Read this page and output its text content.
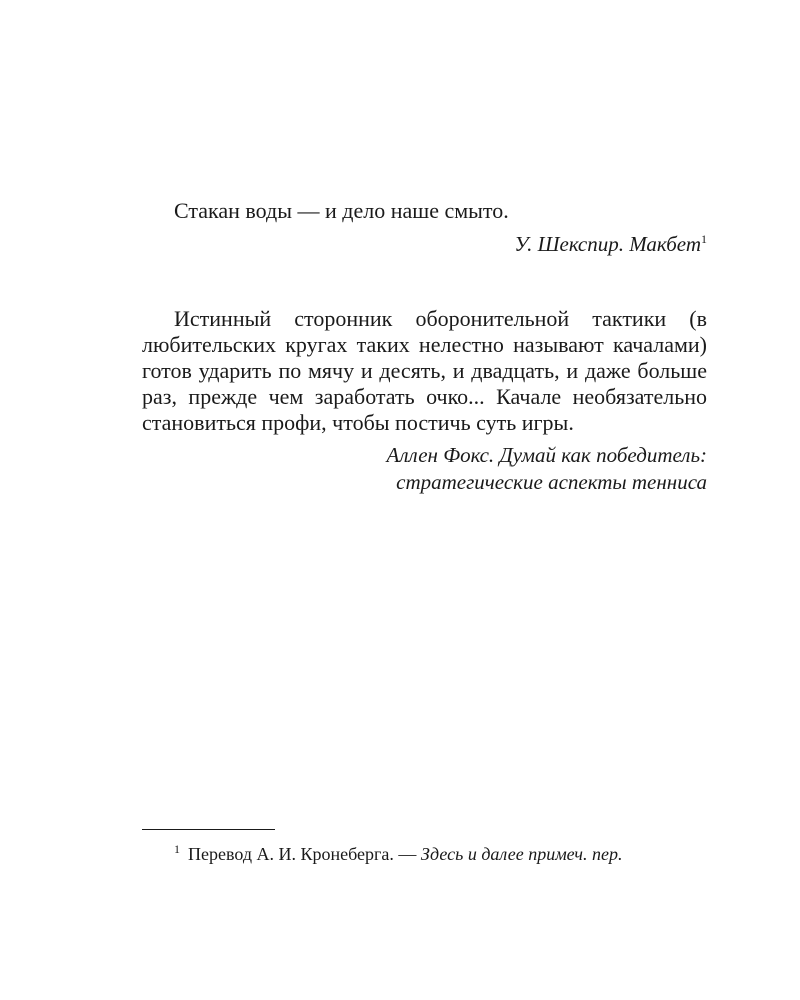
Стакан воды — и дело наше смыто.

У. Шекспир. Макбет$^1$

Истинный сторонник оборонительной тактики (в любительских кругах таких нелестно называют качалами) готов ударить по мячу и десять, и двадцать, и даже больше раз, прежде чем заработать очко... Качале необязательно становиться профи, чтобы постичь суть игры.

Аллен Фокс. Думай как победитель:

стратегические аспекты тенниса

$^1$ Перевод А. И. Кронеберга. — Здесь и далее примеч. пер.
